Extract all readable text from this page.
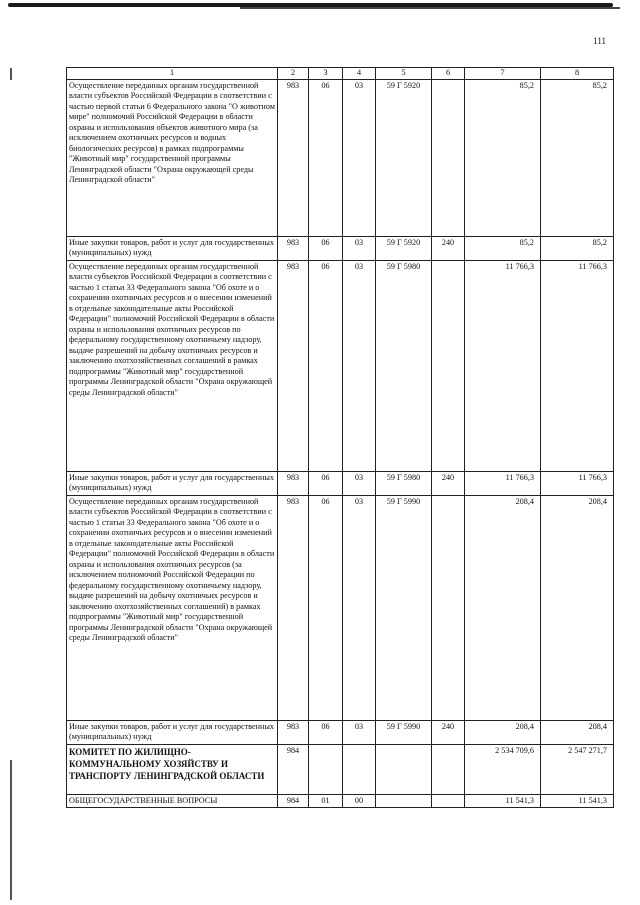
111
1	2	3	4	5	6	7	8
Осуществление переданных органам государственной власти субъектов Российской Федерации в соответствии с частью первой статьи 6 Федерального закона "О животном мире" полномочий Российской Федерации в области охраны и использования объектов животного мира (за исключением охотничьих ресурсов и водных биологических ресурсов) в рамках подпрограммы "Животный мир" государственной программы Ленинградской области "Охрана окружающей среды Ленинградской области"	983	06	03	59 Г 5920		85,2	85,2
Иные закупки товаров, работ и услуг для государственных (муниципальных) нужд	983	06	03	59 Г 5920	240	85,2	85,2
Осуществление переданных органам государственной власти субъектов Российской Федерации в соответствии с частью 1 статьи 33 Федерального закона "Об охоте и о сохранении охотничьих ресурсов и о внесении изменений в отдельные законодательные акты Российской Федерации" полномочий Российской Федерации в области охраны и использования охотничьих ресурсов по федеральному государственному охотничьему надзору, выдаче разрешений на добычу охотничьих ресурсов и заключению охотхозяйственных соглашений в рамках подпрограммы "Животный мир" государственной программы Ленинградской области "Охрана окружающей среды Ленинградской области"	983	06	03	59 Г 5980		11 766,3	11 766,3
Иные закупки товаров, работ и услуг для государственных (муниципальных) нужд	983	06	03	59 Г 5980	240	11 766,3	11 766,3
Осуществление переданных органам государственной власти субъектов Российской Федерации в соответствии с частью 1 статьи 33 Федерального закона "Об охоте и о сохранении охотничьих ресурсов и о внесении изменений в отдельные законодательные акты Российской Федерации" полномочий Российской Федерации в области охраны и использования охотничьих ресурсов (за исключением полномочий Российской Федерации по федеральному государственному охотничьему надзору, выдаче разрешений на добычу охотничьих ресурсов и заключению охотхозяйственных соглашений) в рамках подпрограммы "Животный мир" государственной программы Ленинградской области "Охрана окружающей среды Ленинградской области"	983	06	03	59 Г 5990		208,4	208,4
Иные закупки товаров, работ и услуг для государственных (муниципальных) нужд	983	06	03	59 Г 5990	240	208,4	208,4
КОМИТЕТ ПО ЖИЛИЩНО-КОММУНАЛЬНОМУ ХОЗЯЙСТВУ И ТРАНСПОРТУ ЛЕНИНГРАДСКОЙ ОБЛАСТИ	984					2 534 709,6	2 547 271,7
ОБЩЕГОСУДАРСТВЕННЫЕ ВОПРОСЫ	984	01	00			11 541,3	11 541,3
